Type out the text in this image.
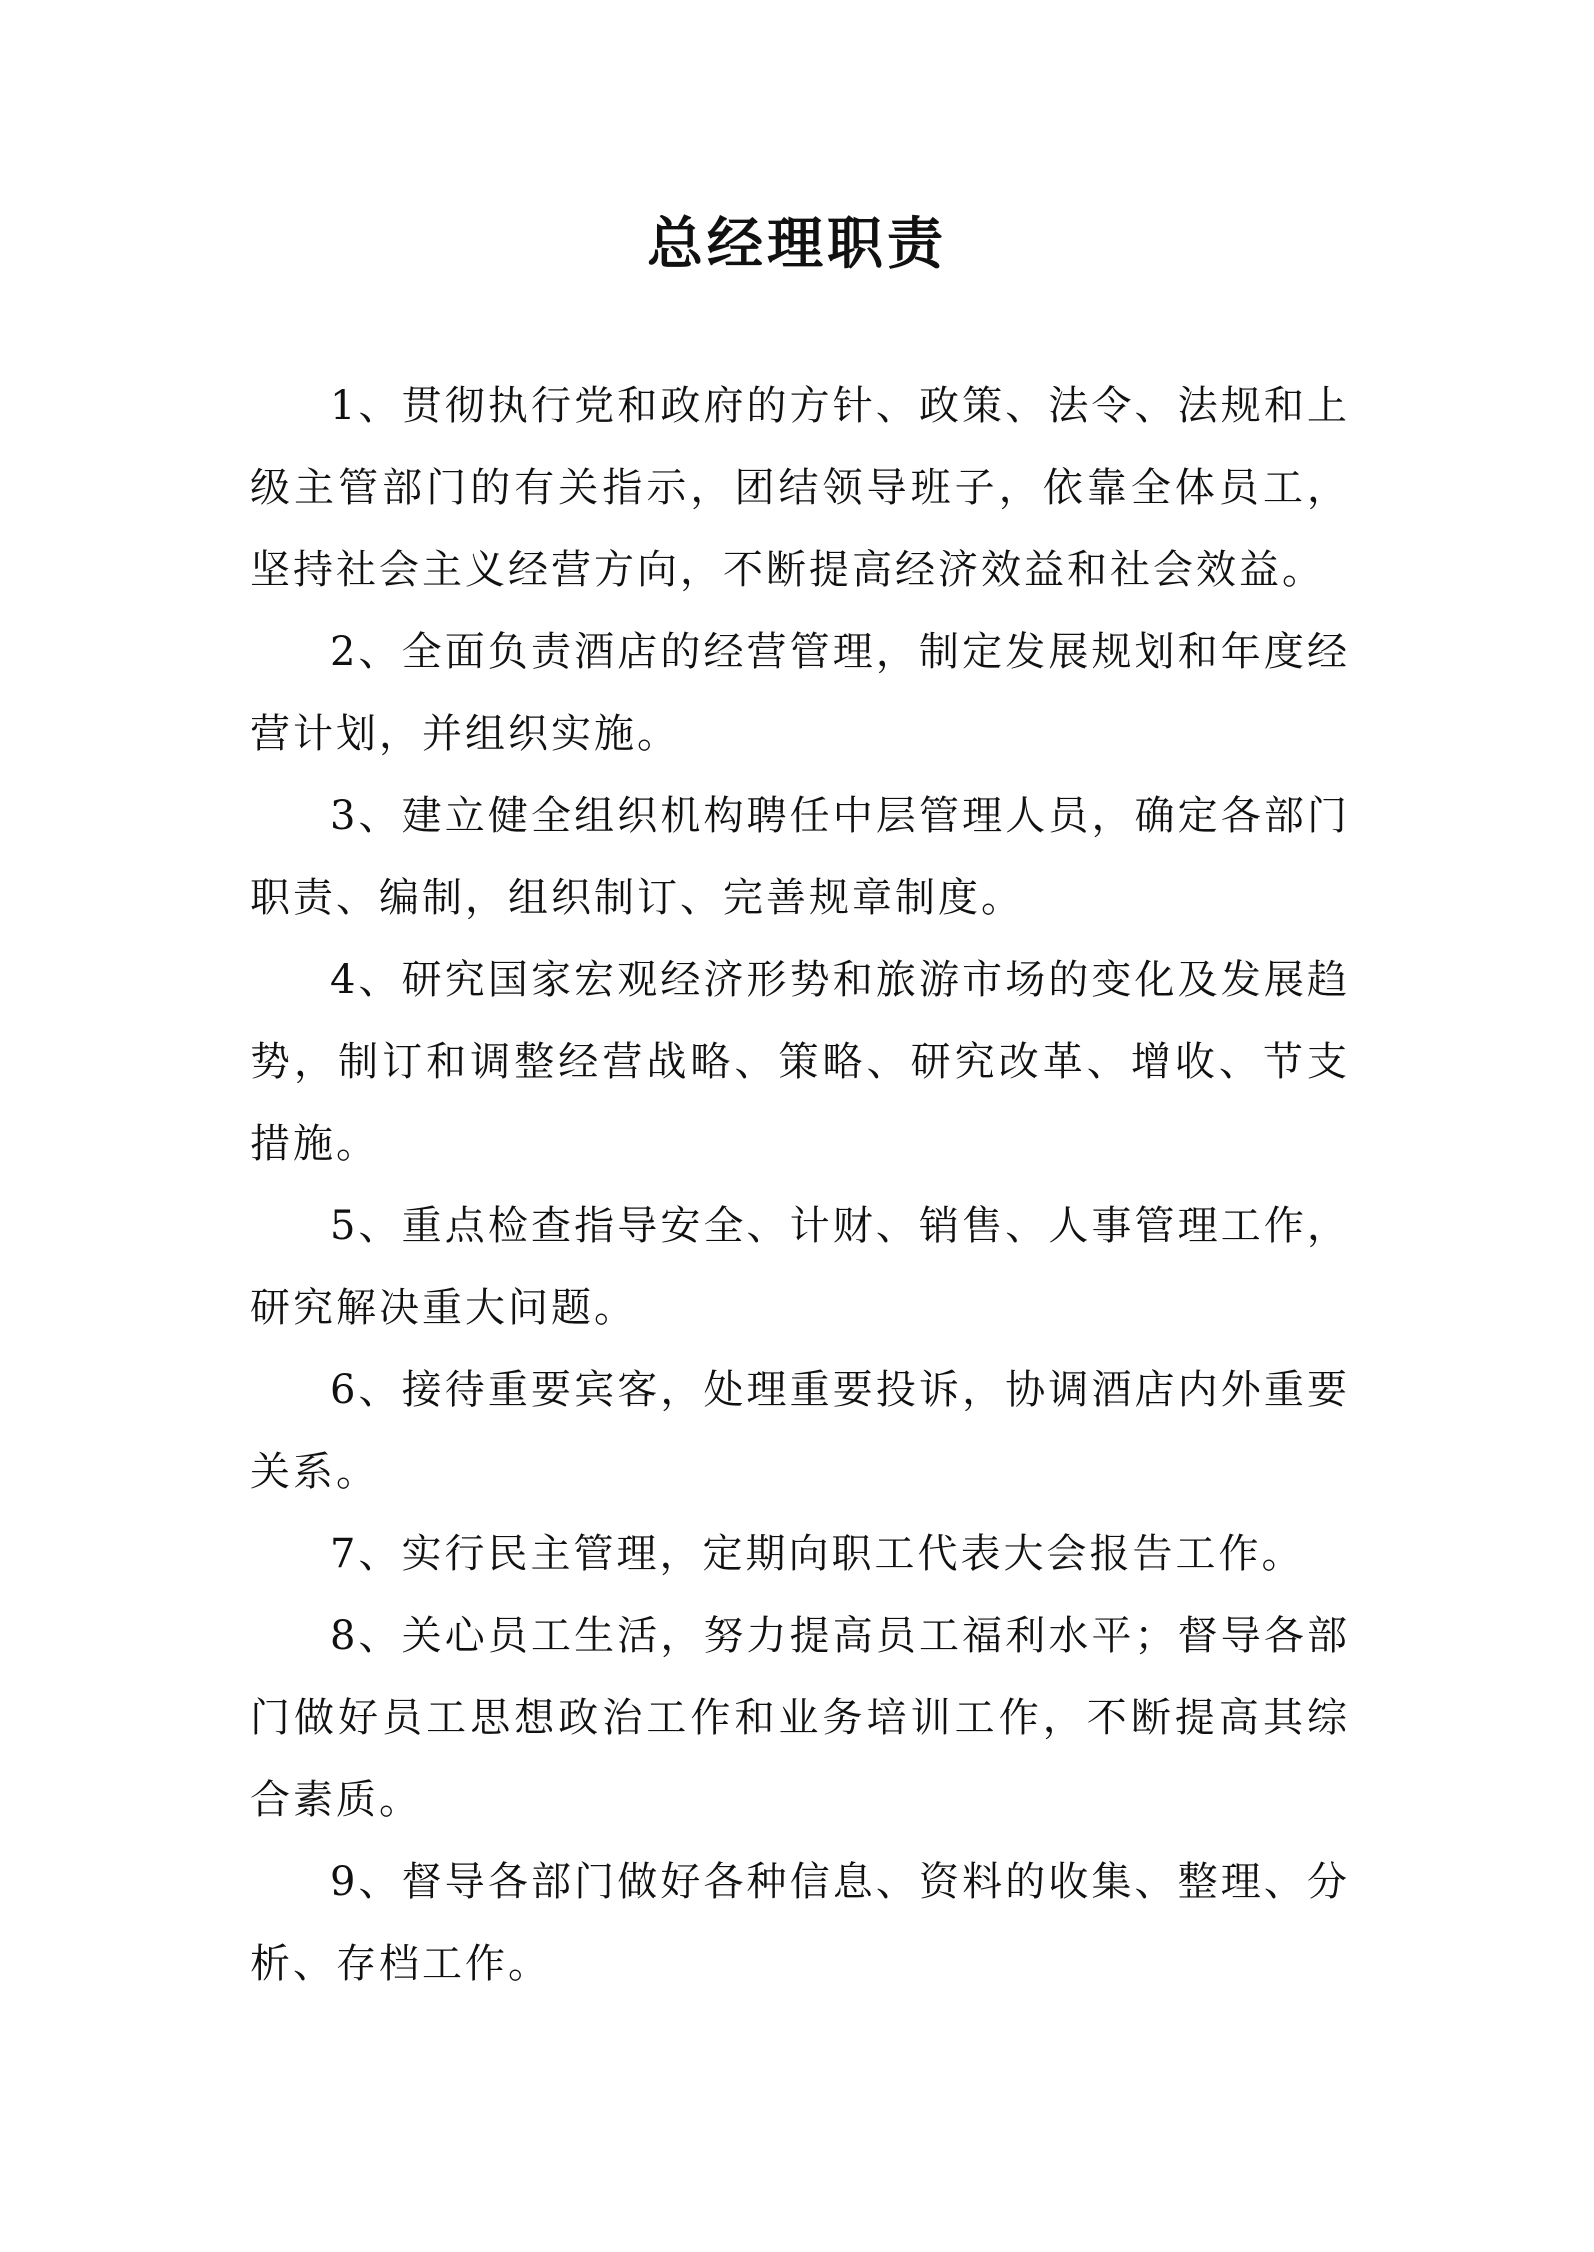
总经理职责

1、贯彻执行党和政府的方针、政策、法令、法规和上级主管部门的有关指示，团结领导班子，依靠全体员工，坚持社会主义经营方向，不断提高经济效益和社会效益。

2、全面负责酒店的经营管理，制定发展规划和年度经营计划，并组织实施。

3、建立健全组织机构聘任中层管理人员，确定各部门职责、编制，组织制订、完善规章制度。

4、研究国家宏观经济形势和旅游市场的变化及发展趋势，制订和调整经营战略、策略、研究改革、增收、节支措施。

5、重点检查指导安全、计财、销售、人事管理工作，研究解决重大问题。

6、接待重要宾客，处理重要投诉，协调酒店内外重要关系。

7、实行民主管理，定期向职工代表大会报告工作。

8、关心员工生活，努力提高员工福利水平；督导各部门做好员工思想政治工作和业务培训工作，不断提高其综合素质。

9、督导各部门做好各种信息、资料的收集、整理、分析、存档工作。
